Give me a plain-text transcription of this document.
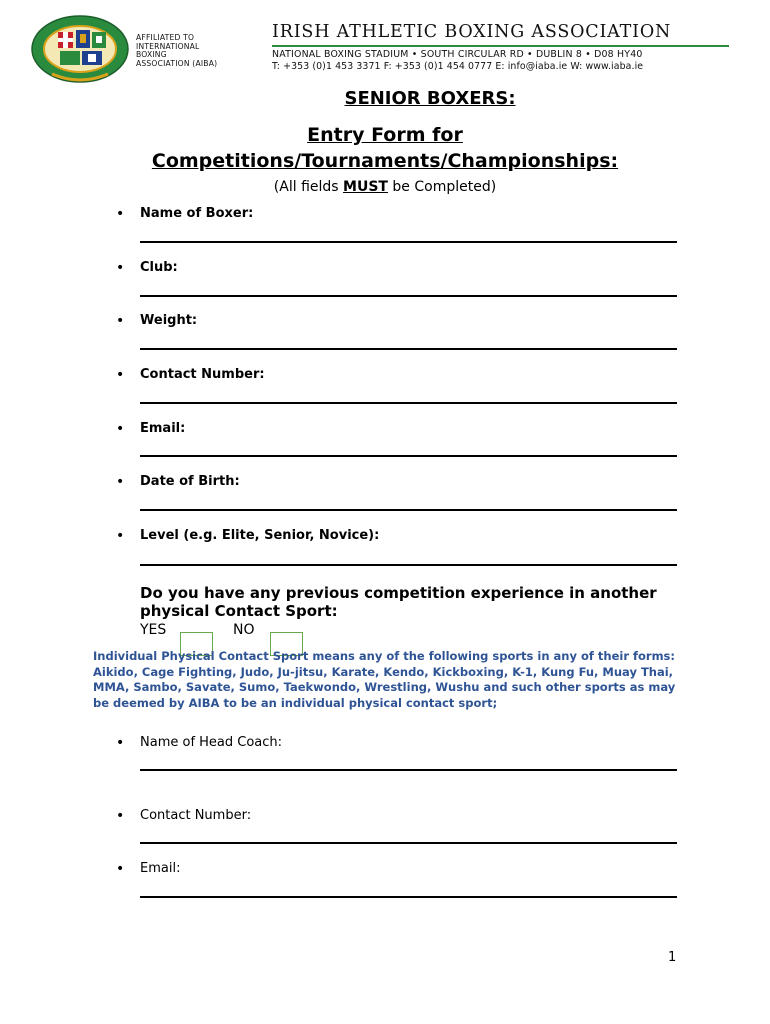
AFFILIATED TO
INTERNATIONAL
BOXING
ASSOCIATION (AIBA)
IRISH ATHLETIC BOXING ASSOCIATION
NATIONAL BOXING STADIUM • SOUTH CIRCULAR RD • DUBLIN 8 • D08 HY40
T: +353 (0)1 453 3371 F: +353 (0)1 454 0777 E: info@iaba.ie W: www.iaba.ie
SENIOR BOXERS:
Entry Form for
Competitions/Tournaments/Championships:
(All fields MUST be Completed)
• Name of Boxer:
• Club:
• Weight:
• Contact Number:
• Email:
• Date of Birth:
• Level (e.g. Elite, Senior, Novice):
Do you have any previous competition experience in another physical Contact Sport:
YES	NO
Individual Physical Contact Sport means any of the following sports in any of their forms: Aikido, Cage Fighting, Judo, Ju-jitsu, Karate, Kendo, Kickboxing, K-1, Kung Fu, Muay Thai, MMA, Sambo, Savate, Sumo, Taekwondo, Wrestling, Wushu and such other sports as may be deemed by AIBA to be an individual physical contact sport;
• Name of Head Coach:
• Contact Number:
• Email:
1
